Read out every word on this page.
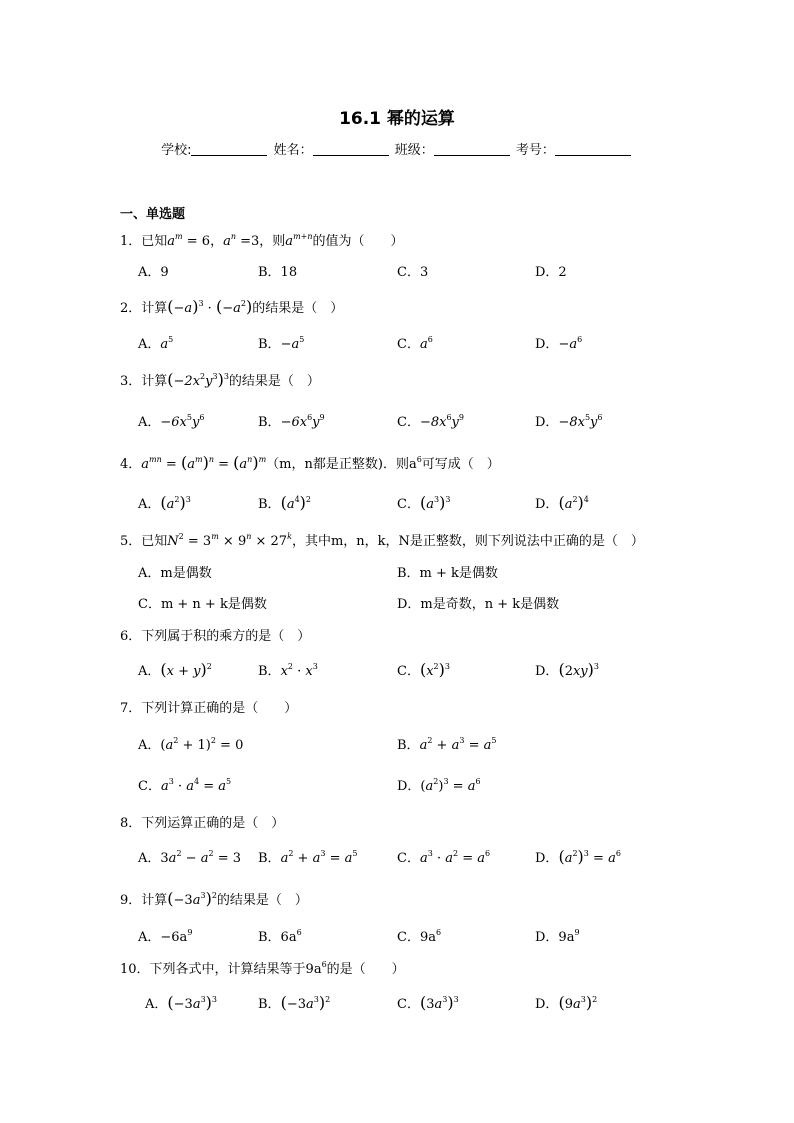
16.1 幂的运算
学校:	姓名：	班级：	考号：
一、单选题
1．已知$a^m = 6$，$a^n =3$，则$a^{m+n}$的值为（　　）
A．9	B．18	C．3	D．2
2．计算$(-a)^3 \cdot (-a^2)$的结果是（　）
A．$a^5$	B．$-a^5$	C．$a^6$	D．$-a^6$
3．计算$(-2x^2y^3)^3$的结果是（　）
A．$-6x^5y^6$	B．$-6x^6y^9$	C．$-8x^6y^9$	D．$-8x^5y^6$
4．$a^{mn} = (a^m)^n = (a^n)^m(m$，n都是正整数)．则$a^6$可写成（　）
A．$(a^2)^3$	B．$(a^4)^2$	C．$(a^3)^3$	D．$(a^2)^4$
5．已知$N^2 = 3^m \times 9^n \times 27^k$，其中m，n，k，N是正整数，则下列说法中正确的是（　）
A．m是偶数	B．m + k是偶数
C．m + n + k是偶数	D．m是奇数，n + k是偶数
6．下列属于积的乘方的是（　）
A．$(x + y)^2$	B．$x^2 \cdot x^3$	C．$(x^2)^3$	D．$(2xy)^3$
7．下列计算正确的是（　　）
A．$(a^2 + 1)^2 = 0$	B．$a^2 + a^3 = a^5$
C．$a^3 \cdot a^4 = a^5$	D．$(a^2)^3 = a^6$
8．下列运算正确的是（　）
A．$3a^2 - a^2 = 3$ B．$a^2 + a^3 = a^5$	C．$a^3 \cdot a^2 = a^6$	D．$(a^2)^3 = a^6$
9．计算$(-3a^3)^2$的结果是（　）
A．$-6a^9$	B．$6a^6$	C．$9a^6$	D．$9a^9$
10．下列各式中，计算结果等于$9a^6$的是（　　）
A．$(-3a^3)^3$	B．$(-3a^3)^2$	C．$(3a^3)^3$	D．$(9a^3)^2$
